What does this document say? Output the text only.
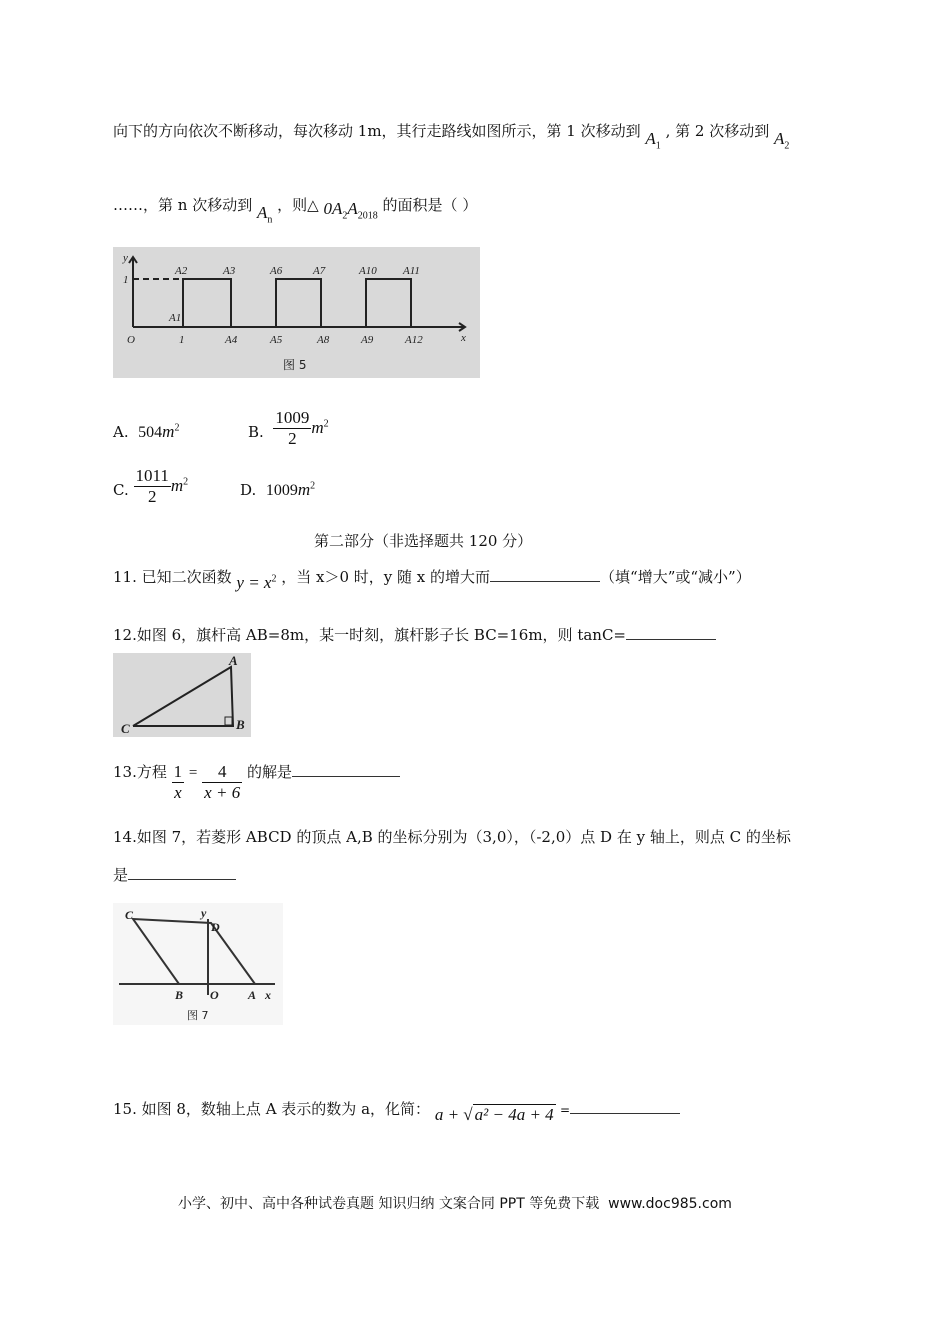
向下的方向依次不断移动，每次移动 1m，其行走路线如图所示，第 1 次移动到 $A_1$ , 第 2 次移动到 $A_2$
……，第 n 次移动到 $A_n$ ，则△ $0A_2A_{2018}$ 的面积是（ ）
y
1
O	1	x
A1
A2	A3
A4	A5
A6	A7
A8	A9
A10 A11
A12
图 5
A. $504m^2$	B. $\frac{1009}{2} m^2$
C. $\frac{1011}{2} m^2$	D. $1009m^2$
第二部分（非选择题共 120 分）
11. 已知二次函数 $y = x^2$ ，当 x＞0 时，y 随 x 的增大而	（填“增大”或“减小”）
12.如图 6，旗杆高 AB=8m，某一时刻，旗杆影子长 BC=16m，则 tanC=
A
B
C
13.方程 $\frac{1}{x} = \frac{4}{x + 6}$ 的解是
14.如图 7，若菱形 ABCD 的顶点 A,B 的坐标分别为（3,0），（-2,0）点 D 在 y 轴上，则点 C 的坐标
是
C
D
y
B O A x
图 7
15. 如图 8，数轴上点 A 表示的数为 a，化简： a + √ a² − 4a + 4 =
小学、初中、高中各种试卷真题 知识归纳 文案合同 PPT 等免费下载 www.doc985.com
